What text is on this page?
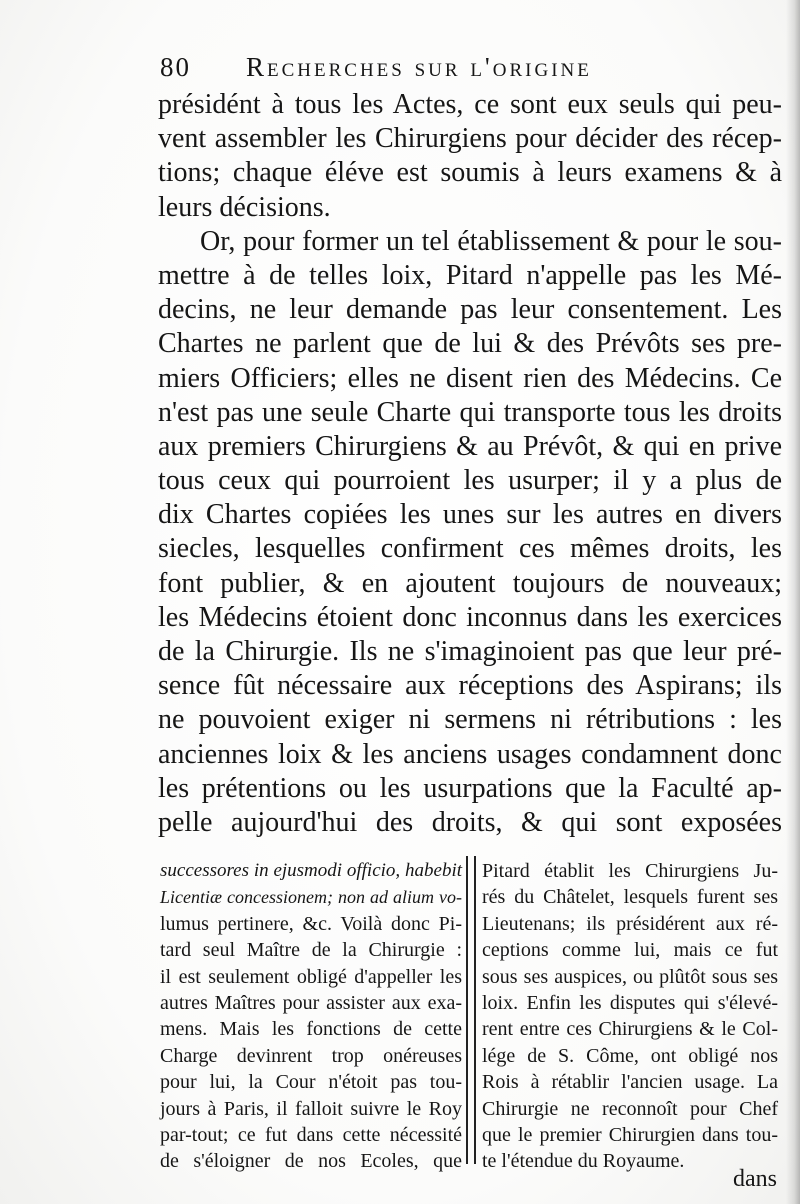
80 Recherches sur l'origine
présidént à tous les Actes, ce sont eux seuls qui peu-
vent assembler les Chirurgiens pour décider des récep-
tions; chaque éléve est soumis à leurs examens & à
leurs décisions.
Or, pour former un tel établissement & pour le sou-
mettre à de telles loix, Pitard n'appelle pas les Mé-
decins, ne leur demande pas leur consentement. Les
Chartes ne parlent que de lui & des Prévôts ses pre-
miers Officiers; elles ne disent rien des Médecins. Ce
n'est pas une seule Charte qui transporte tous les droits
aux premiers Chirurgiens & au Prévôt, & qui en prive
tous ceux qui pourroient les usurper; il y a plus de
dix Chartes copiées les unes sur les autres en divers
siecles, lesquelles confirment ces mêmes droits, les
font publier, & en ajoutent toujours de nouveaux;
les Médecins étoient donc inconnus dans les exercices
de la Chirurgie. Ils ne s'imaginoient pas que leur pré-
sence fût nécessaire aux réceptions des Aspirans; ils
ne pouvoient exiger ni sermens ni rétributions : les
anciennes loix & les anciens usages condamnent donc
les prétentions ou les usurpations que la Faculté ap-
pelle aujourd'hui des droits, & qui sont exposées
successores in ejusmodi officio, habebit
Licentiæ concessionem; non ad alium vo-
lumus pertinere, &c. Voilà donc Pi-
tard seul Maître de la Chirurgie :
il est seulement obligé d'appeller les
autres Maîtres pour assister aux exa-
mens. Mais les fonctions de cette
Charge devinrent trop onéreuses
pour lui, la Cour n'étoit pas tou-
jours à Paris, il falloit suivre le Roy
par-tout; ce fut dans cette nécessité
de s'éloigner de nos Ecoles, que
Pitard établit les Chirurgiens Ju-
rés du Châtelet, lesquels furent ses
Lieutenans; ils présidérent aux ré-
ceptions comme lui, mais ce fut
sous ses auspices, ou plûtôt sous ses
loix. Enfin les disputes qui s'élevé-
rent entre ces Chirurgiens & le Col-
lége de S. Côme, ont obligé nos
Rois à rétablir l'ancien usage. La
Chirurgie ne reconnoît pour Chef
que le premier Chirurgien dans tou-
te l'étendue du Royaume.
dans
